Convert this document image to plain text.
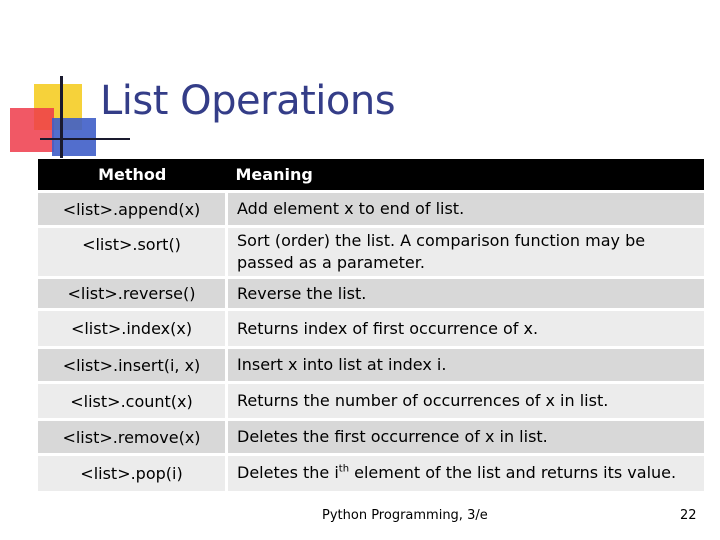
List Operations
Method	Meaning
<list>.append(x)	Add element x to end of list.
<list>.sort()	Sort (order) the list. A comparison function may be passed as a parameter.
<list>.reverse()	Reverse the list.
<list>.index(x)	Returns index of first occurrence of x.
<list>.insert(i, x)	Insert x into list at index i.
<list>.count(x)	Returns the number of occurrences of x in list.
<list>.remove(x)	Deletes the first occurrence of x in list.
<list>.pop(i)	Deletes the $i^{th}$ element of the list and returns its value.
Python Programming, 3/e	22
